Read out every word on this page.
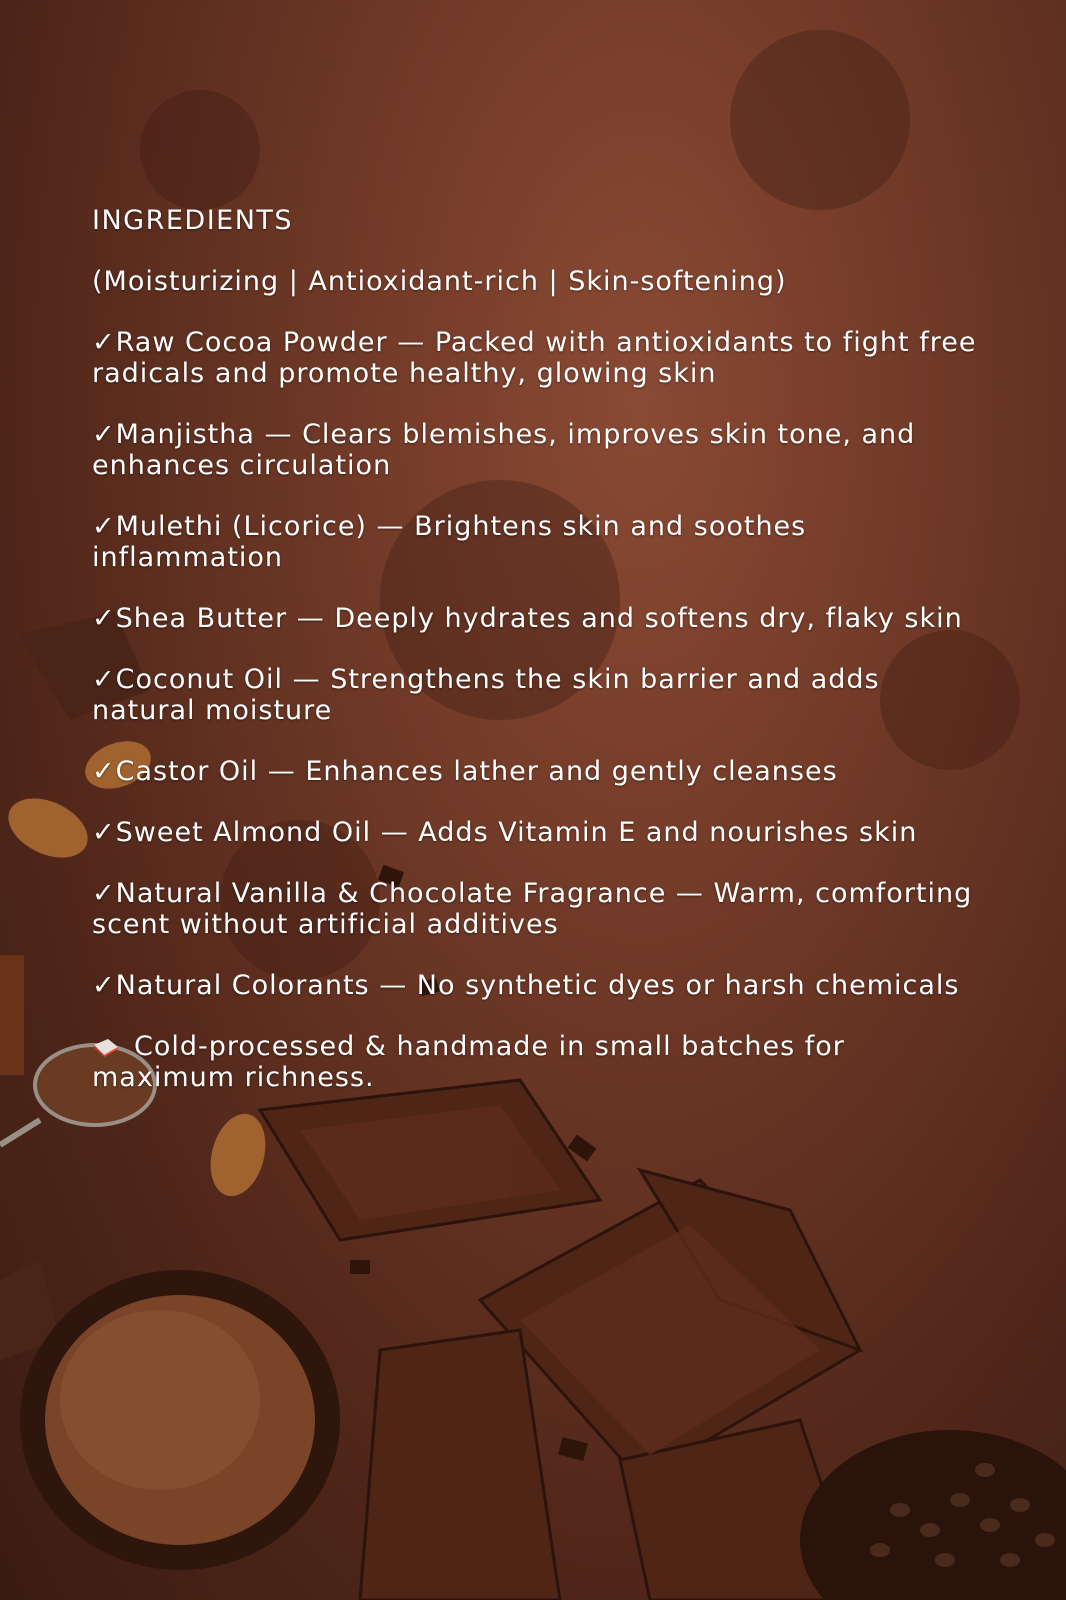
INGREDIENTS
(Moisturizing | Antioxidant-rich | Skin-softening)
✓Raw Cocoa Powder — Packed with antioxidants to fight free radicals and promote healthy, glowing skin
✓Manjistha — Clears blemishes, improves skin tone, and enhances circulation
✓Mulethi (Licorice) — Brightens skin and soothes inflammation
✓Shea Butter — Deeply hydrates and softens dry, flaky skin
✓Coconut Oil — Strengthens the skin barrier and adds natural moisture
✓Castor Oil — Enhances lather and gently cleanses
✓Sweet Almond Oil — Adds Vitamin E and nourishes skin
✓Natural Vanilla & Chocolate Fragrance — Warm, comforting scent without artificial additives
✓Natural Colorants — No synthetic dyes or harsh chemicals
Cold-processed & handmade in small batches for maximum richness.
